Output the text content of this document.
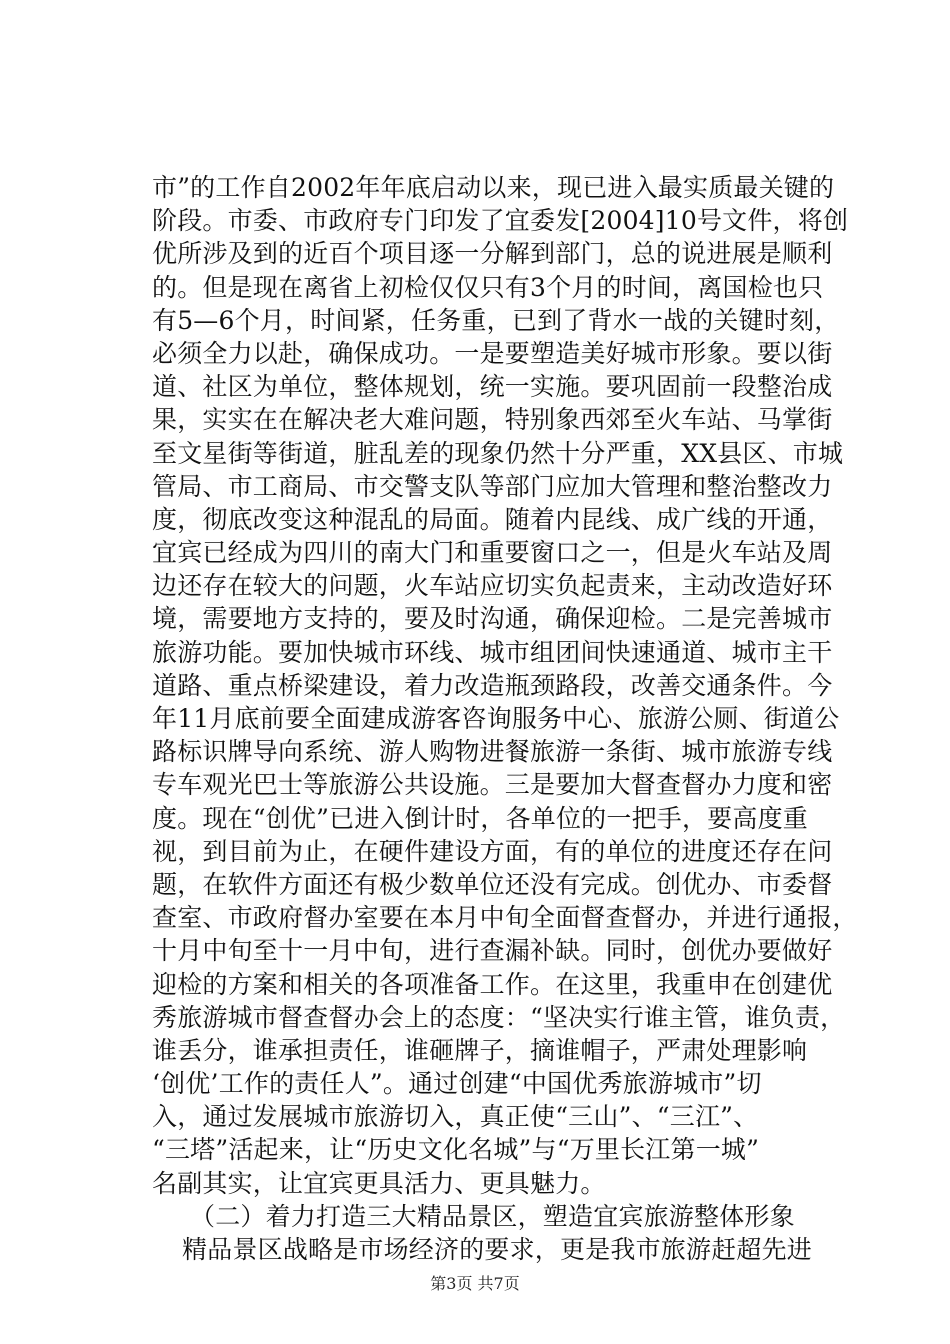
市”的工作自2002年年底启动以来，现已进入最实质最关键的
阶段。市委、市政府专门印发了宜委发[2004]10号文件，将创
优所涉及到的近百个项目逐一分解到部门，总的说进展是顺利
的。但是现在离省上初检仅仅只有3个月的时间，离国检也只
有5—6个月，时间紧，任务重，已到了背水一战的关键时刻，
必须全力以赴，确保成功。一是要塑造美好城市形象。要以街
道、社区为单位，整体规划，统一实施。要巩固前一段整治成
果，实实在在解决老大难问题，特别象西郊至火车站、马掌街
至文星街等街道，脏乱差的现象仍然十分严重，XX县区、市城
管局、市工商局、市交警支队等部门应加大管理和整治整改力
度，彻底改变这种混乱的局面。随着内昆线、成广线的开通，
宜宾已经成为四川的南大门和重要窗口之一，但是火车站及周
边还存在较大的问题，火车站应切实负起责来，主动改造好环
境，需要地方支持的，要及时沟通，确保迎检。二是完善城市
旅游功能。要加快城市环线、城市组团间快速通道、城市主干
道路、重点桥梁建设，着力改造瓶颈路段，改善交通条件。今
年11月底前要全面建成游客咨询服务中心、旅游公厕、街道公
路标识牌导向系统、游人购物进餐旅游一条街、城市旅游专线
专车观光巴士等旅游公共设施。三是要加大督查督办力度和密
度。现在“创优”已进入倒计时，各单位的一把手，要高度重
视，到目前为止，在硬件建设方面，有的单位的进度还存在问
题，在软件方面还有极少数单位还没有完成。创优办、市委督
查室、市政府督办室要在本月中旬全面督查督办，并进行通报，
十月中旬至十一月中旬，进行查漏补缺。同时，创优办要做好
迎检的方案和相关的各项准备工作。在这里，我重申在创建优
秀旅游城市督查督办会上的态度：“坚决实行谁主管，谁负责，
谁丢分，谁承担责任，谁砸牌子，摘谁帽子，严肃处理影响
‘创优’工作的责任人”。通过创建“中国优秀旅游城市”切
入，通过发展城市旅游切入，真正使“三山”、“三江”、
“三塔”活起来，让“历史文化名城”与“万里长江第一城”
名副其实，让宜宾更具活力、更具魅力。
（二）着力打造三大精品景区，塑造宜宾旅游整体形象
精品景区战略是市场经济的要求，更是我市旅游赶超先进
第3页 共7页
